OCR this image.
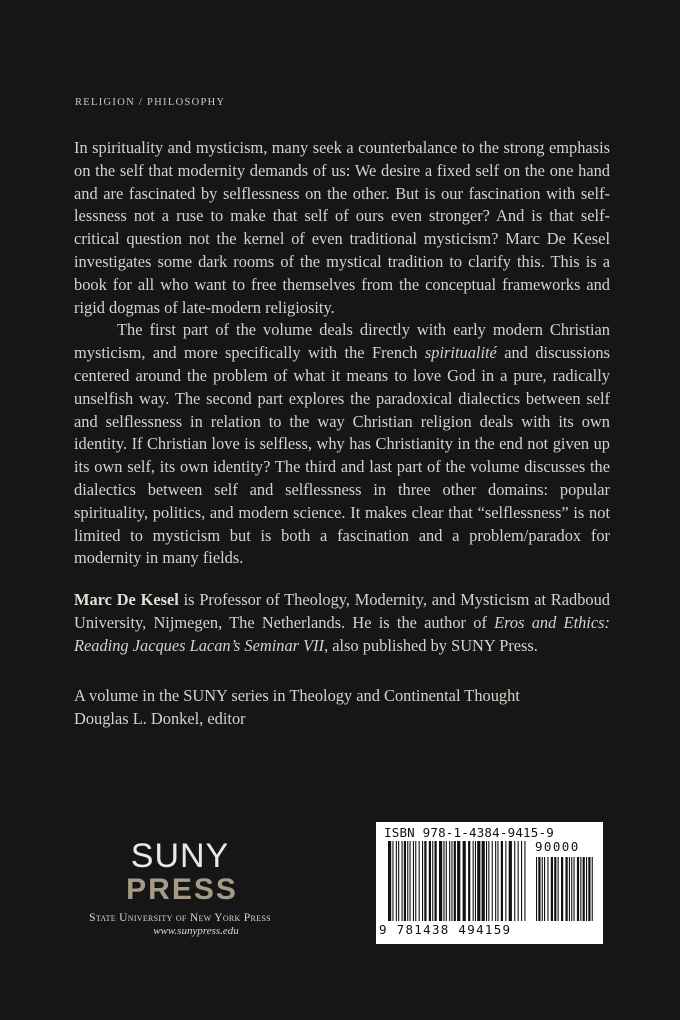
RELIGION / PHILOSOPHY

In spirituality and mysticism, many seek a counterbalance to the strong emphasis on the self that modernity demands of us: We desire a fixed self on the one hand and are fascinated by selflessness on the other. But is our fascination with selflessness not a ruse to make that self of ours even stronger? And is that self-critical question not the kernel of even traditional mysticism? Marc De Kesel investigates some dark rooms of the mystical tradition to clarify this. This is a book for all who want to free themselves from the conceptual frameworks and rigid dogmas of late-modern religiosity.

The first part of the volume deals directly with early modern Christian mysticism, and more specifically with the French spiritualité and discussions centered around the problem of what it means to love God in a pure, radically unselfish way. The second part explores the paradoxical dialectics between self and selflessness in relation to the way Christian religion deals with its own identity. If Christian love is selfless, why has Christianity in the end not given up its own self, its own identity? The third and last part of the volume discusses the dialectics between self and selflessness in three other domains: popular spirituality, politics, and modern science. It makes clear that “selflessness” is not limited to mysticism but is both a fascination and a problem/paradox for modernity in many fields.

Marc De Kesel is Professor of Theology, Modernity, and Mysticism at Radboud University, Nijmegen, The Netherlands. He is the author of Eros and Ethics: Reading Jacques Lacan’s Seminar VII, also published by SUNY Press.

A volume in the SUNY series in Theology and Continental Thought
Douglas L. Donkel, editor
SUNY
PRESS
State University of New York Press
www.sunypress.edu
ISBN 978-1-4384-9415-9
90000
9 781438 494159
